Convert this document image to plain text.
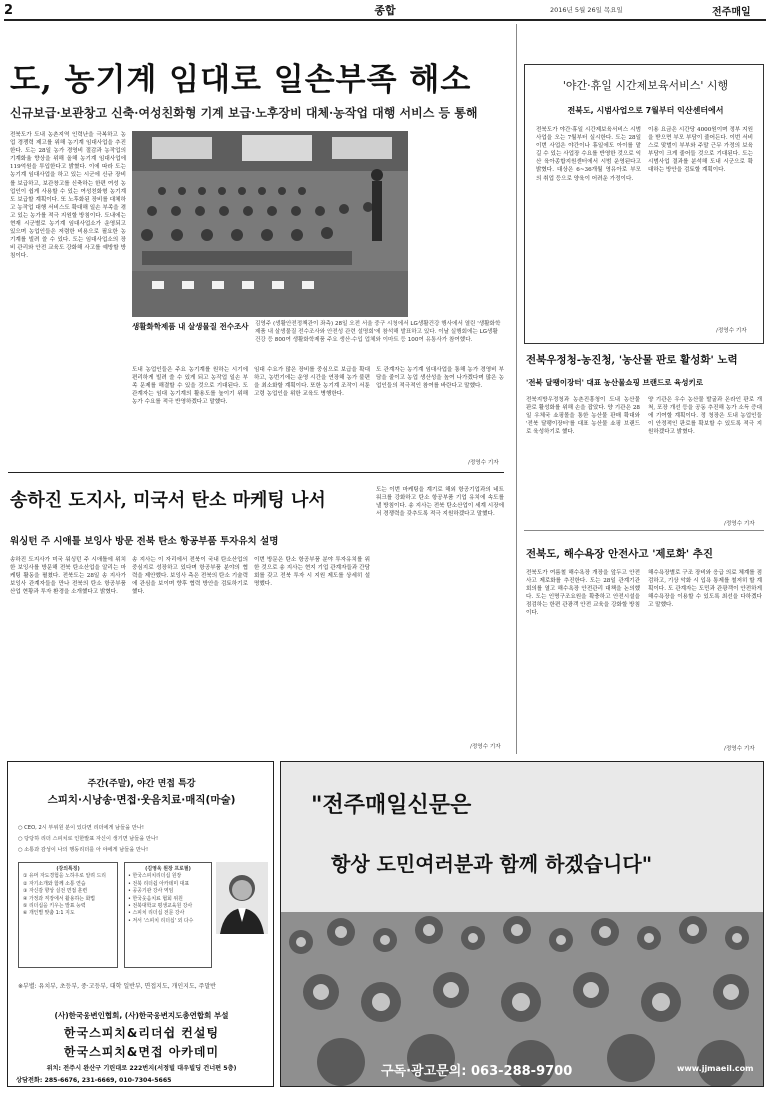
2	종합	2016년 5월 26일 목요일	전주매일
도, 농기계 임대로 일손부족 해소
신규보급·보관창고 신축·여성친화형 기계 보급·노후장비 대체·농작업 대행 서비스 등 통해
전북도가 도내 농촌지역 인력난을 극복하고 농업 경쟁력 제고를 위해 농기계 임대사업을 추진한다. 도는 28일 농가 경영비 절감과 농작업의 기계화율 향상을 위해 올해 농기계 임대사업에 119억원을 투입한다고 밝혔다. 이에 따라 도는 농기계 임대사업을 하고 있는 시군에 신규 장비를 보급하고, 보관창고를 신축하는 한편 여성 농업인이 쉽게 사용할 수 있는 여성친화형 농기계도 보급할 계획이다. 또 노후화된 장비를 대체하고 농작업 대행 서비스도 확대해 일손 부족을 겪고 있는 농가를 적극 지원할 방침이다. 도내에는 현재 시군별로 농기계 임대사업소가 운영되고 있으며 농업인들은 저렴한 비용으로 필요한 농기계를 빌려 쓸 수 있다. 도는 임대사업소의 장비 관리와 안전 교육도 강화해 사고를 예방할 방침이다.
생활화학제품 내 살생물질 전수조사 김영주 (생활안전정책관이 좌측) 28일 오전 서울 중구 시청에서 LG생활건강 행사에서 열린 '생활화학제품 내 살생물질 전수조사와 안전성 관련 설명회'에 참석해 발표하고 있다. 이날 실행회에는 LG생활건강 등 800여 생활화학제품 주요 생산·수입 업체와 이마트 등 100여 유통사가 참여했다.
도내 농업인들은 주요 농기계를 원하는 시기에 편리하게 빌려 쓸 수 있게 되고 농작업 일손 부족 문제를 해결할 수 있을 것으로 기대된다. 도 관계자는 임대 농기계의 활용도를 높이기 위해 농가 수요를 적극 반영하겠다고 말했다.
임대 수요가 많은 장비를 중심으로 보급을 확대하고, 농번기에는 운영 시간을 연장해 농가 불편을 최소화할 계획이다. 또한 농기계 조작이 서툰 고령 농업인을 위한 교육도 병행한다.
도 관계자는 농기계 임대사업을 통해 농가 경영비 부담을 줄이고 농업 생산성을 높여 나가겠다며 많은 농업인들의 적극적인 참여를 바란다고 말했다.
/정영수 기자
송하진 도지사, 미국서 탄소 마케팅 나서
워싱턴 주 시애틀 보잉사 방문 전북 탄소 항공부품 투자유치 설명
송하진 도지사가 미국 워싱턴 주 시애틀에 위치한 보잉사를 방문해 전북 탄소산업을 알리는 마케팅 활동을 펼쳤다. 전북도는 28일 송 지사가 보잉사 관계자들을 만나 전북의 탄소 항공부품 산업 현황과 투자 환경을 소개했다고 밝혔다.
송 지사는 이 자리에서 전북이 국내 탄소산업의 중심지로 성장하고 있다며 항공부품 분야의 협력을 제안했다. 보잉사 측은 전북의 탄소 기술력에 관심을 보이며 향후 협력 방안을 검토하기로 했다.
이번 방문은 탄소 항공부품 분야 투자유치를 위한 것으로 송 지사는 현지 기업 관계자들과 간담회를 갖고 전북 투자 시 지원 제도를 상세히 설명했다.
도는 이번 마케팅을 계기로 해외 항공기업과의 네트워크를 강화하고 탄소 항공부품 기업 유치에 속도를 낼 방침이다. 송 지사는 전북 탄소산업이 세계 시장에서 경쟁력을 갖추도록 적극 지원하겠다고 말했다.
/정영수 기자
'야간·휴일 시간제보육서비스' 시행
전북도, 시범사업으로 7월부터 익산센터에서
전북도가 야간·휴일 시간제보육서비스 시범사업을 오는 7월부터 실시한다. 도는 28일 이번 사업은 야간이나 휴일에도 아이를 맡길 수 있는 사업장 수요를 반영한 것으로 익산 육아종합지원센터에서 시범 운영된다고 밝혔다. 대상은 6~36개월 영유아로 부모의 취업 등으로 양육이 어려운 가정이다.
이용 요금은 시간당 4000원이며 정부 지원을 받으면 부모 부담이 줄어든다. 이번 서비스로 맞벌이 부부와 주말 근무 가정의 보육 부담이 크게 줄어들 것으로 기대된다. 도는 시범사업 결과를 분석해 도내 시군으로 확대하는 방안을 검토할 계획이다.
/정영수 기자
전북우정청-농진청, '농산물 판로 활성화' 노력
'전북 달팽이장터' 대표 농산물쇼핑 브랜드로 육성키로
전북지방우정청과 농촌진흥청이 도내 농산물 판로 활성화를 위해 손을 잡았다. 양 기관은 28일 우체국 쇼핑몰을 통한 농산물 판매 확대와 '전북 달팽이장터'를 대표 농산물 쇼핑 브랜드로 육성하기로 했다.
양 기관은 우수 농산물 발굴과 온라인 판로 개척, 포장 개선 등을 공동 추진해 농가 소득 증대에 기여할 계획이다. 정 청장은 도내 농업인들이 안정적인 판로를 확보할 수 있도록 적극 지원하겠다고 밝혔다.
/정영수 기자
전북도, 해수욕장 안전사고 '제로화' 추진
전북도가 여름철 해수욕장 개장을 앞두고 안전사고 제로화를 추진한다. 도는 28일 관계기관 회의를 열고 해수욕장 안전관리 대책을 논의했다. 도는 인명구조요원을 확충하고 안전시설을 점검하는 한편 관광객 안전 교육을 강화할 방침이다.
해수욕장별로 구조 장비와 응급 의료 체계를 점검하고, 기상 악화 시 입욕 통제를 철저히 할 계획이다. 도 관계자는 도민과 관광객이 안전하게 해수욕장을 이용할 수 있도록 최선을 다하겠다고 말했다.
/정영수 기자
주간(주말), 야간 면접 특강
스피치·시낭송·면접·웃음치료·매직(마술)
○ CEO, 2시 부위원 분이 있다면 리더에게 남들을 만나!
○ 당당하 리더 스피치로 인한발표 자신이 생기면 남들을 만나!
○ 소통과 감성이 나의 행동리더를 아 야에게 남들을 만나!
(강의특징)
① 유머 자도경험을 노하우로 알려 드리
② 자기소개와 함께 소통 연습
③ 자신감 향상 실전 면접 훈련
④ 가정과 직장에서 활용하는 화법
⑤ 리더십을 키우는 발표 능력
⑥ 개인별 맞춤 1:1 지도
(김영욱 원장 프로필)
• 한국스피치리더십 원장
• 전북 리더쉽 아카데미 대표
• 공공기관 강사 역임
• 한국웃음치료 협회 위원
• 전북대학교 평생교육원 강사
• 스피치 리더십 전문 강사
• 저서 '스피치 리더십' 외 다수
※부별: 유치부, 초등부, 중·고등부, 대학 일반부, 면접지도, 개인지도, 주말반
(사)한국웅변인협회, (사)한국웅변지도총연합회 부설
한국스피치&리더쉽 컨설팅
한국스피치&면접 아카데미
위치: 전주시 완산구 기린대로 222번지(서정빌 대우빌딩 건너편 5층)
상담전화: 285-6676, 231-6669, 010-7304-5665
"전주매일신문은
항상 도민여러분과 함께 하겠습니다"
구독·광고문의: 063-288-9700	www.jjmaeil.com
